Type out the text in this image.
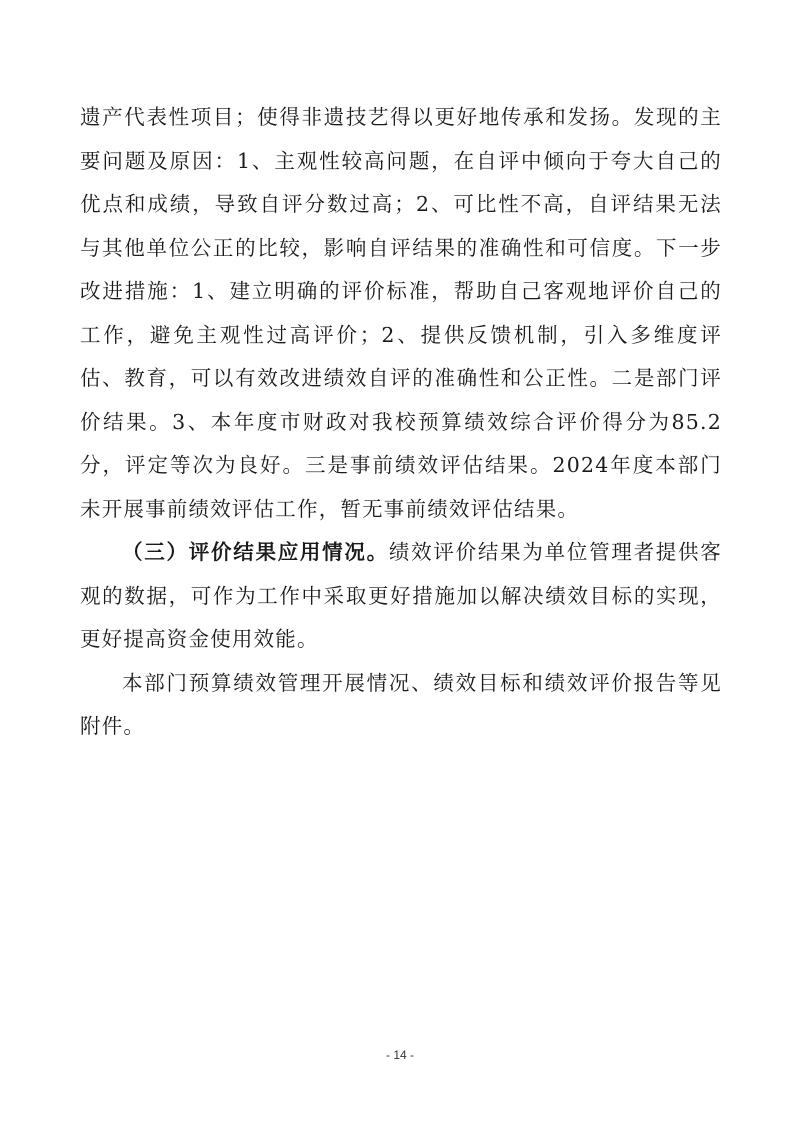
遗产代表性项目；使得非遗技艺得以更好地传承和发扬。发现的主要问题及原因：1、主观性较高问题，在自评中倾向于夸大自己的优点和成绩，导致自评分数过高；2、可比性不高，自评结果无法与其他单位公正的比较，影响自评结果的准确性和可信度。下一步改进措施：1、建立明确的评价标准，帮助自己客观地评价自己的工作，避免主观性过高评价；2、提供反馈机制，引入多维度评估、教育，可以有效改进绩效自评的准确性和公正性。二是部门评价结果。3、本年度市财政对我校预算绩效综合评价得分为85.2分，评定等次为良好。三是事前绩效评估结果。2024年度本部门未开展事前绩效评估工作，暂无事前绩效评估结果。

（三）评价结果应用情况。绩效评价结果为单位管理者提供客观的数据，可作为工作中采取更好措施加以解决绩效目标的实现，更好提高资金使用效能。

本部门预算绩效管理开展情况、绩效目标和绩效评价报告等见附件。

- 14 -
